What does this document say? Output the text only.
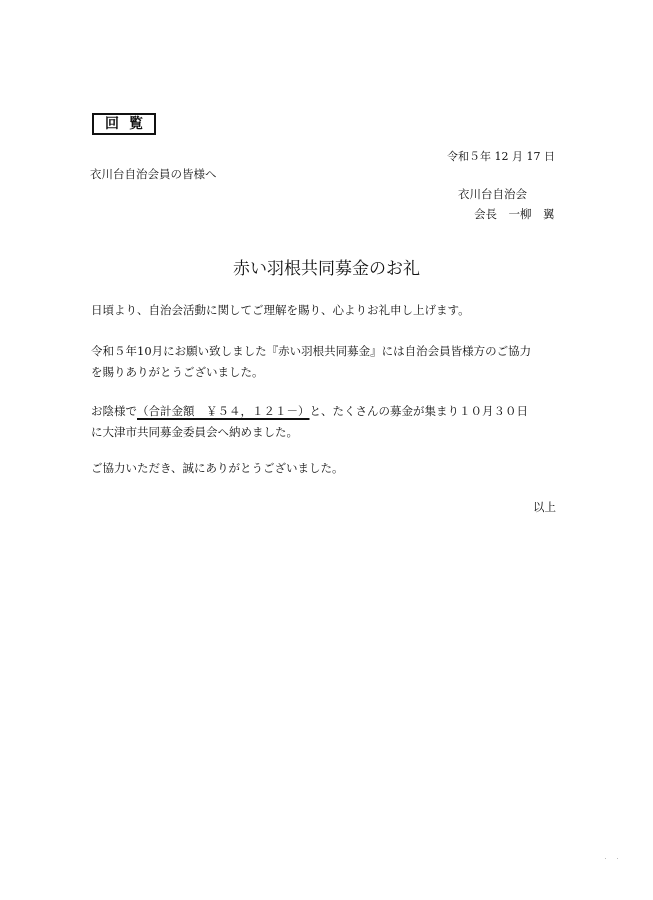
回覧
令和５年 12 月 17 日
衣川台自治会員の皆様へ
衣川台自治会
会長　一柳　翼
赤い羽根共同募金のお礼
日頃より、自治会活動に関してご理解を賜り、心よりお礼申し上げます。
令和５年10月にお願い致しました『赤い羽根共同募金』には自治会員皆様方のご協力
を賜りありがとうございました。
お陰様で（合計金額　￥５４，１２１－）と、たくさんの募金が集まり１０月３０日
に大津市共同募金委員会へ納めました。
ご協力いただき、誠にありがとうございました。
以上
